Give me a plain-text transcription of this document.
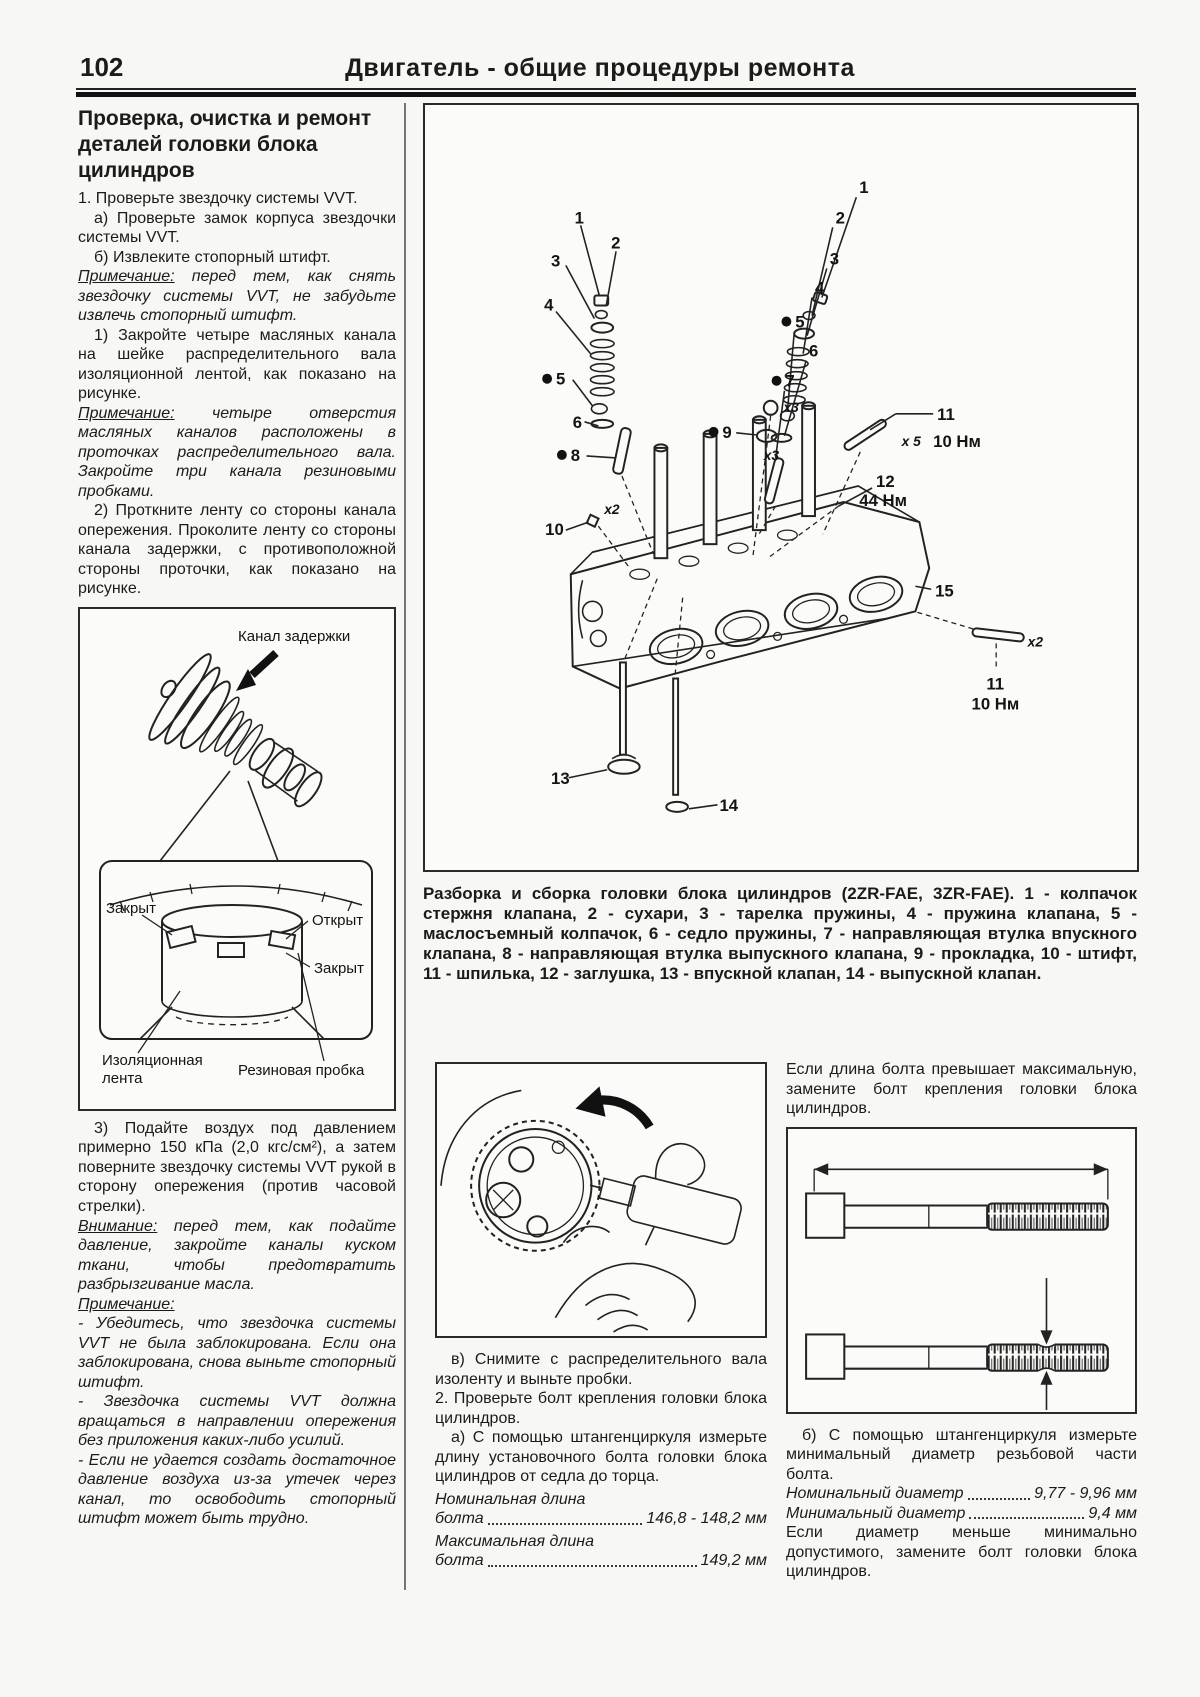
102	Двигатель - общие процедуры ремонта
Проверка, очистка и ремонт деталей головки блока цилиндров

1. Проверьте звездочку системы VVT.

а) Проверьте замок корпуса звездочки системы VVT.

б) Извлеките стопорный штифт.

Примечание: перед тем, как снять звездочку системы VVT, не забудьте извлечь стопорный штифт.

1) Закройте четыре масляных канала на шейке распределительного вала изоляционной лентой, как показано на рисунке.

Примечание: четыре отверстия масляных каналов расположены в проточках распределительного вала. Закройте три канала резиновыми пробками.

2) Проткните ленту со стороны канала опережения. Проколите ленту со стороны канала задержки, с противоположной стороны проточки, как показано на рисунке.

Канал задержки
Закрыт
Открыт
Закрыт
Изоляционная
лента	Резиновая пробка

3) Подайте воздух под давлением примерно 150 кПа (2,0 кгс/см²), а затем поверните звездочку системы VVT рукой в сторону опережения (против часовой стрелки).

Внимание: перед тем, как подайте давление, закройте каналы куском ткани, чтобы предотвратить разбрызгивание масла.

Примечание:

- Убедитесь, что звездочка системы VVT не была заблокирована. Если она заблокирована, снова выньте стопорный штифт.

- Звездочка системы VVT должна вращаться в направлении опережения без приложения каких-либо усилий.

- Если не удается создать достаточное давление воздуха из-за утечек через канал, то освободить стопорный штифт может быть трудно.

1
2
3
4
5
6
8
10
x2
1
2
3
4
5
6
7
9
x3
x3
11
x 5 10 Нм
12
44 Нм
15
x2
11
10 Нм
13
14
Разборка и сборка головки блока цилиндров (2ZR-FAE, 3ZR-FAE). 1 - колпачок стержня клапана, 2 - сухари, 3 - тарелка пружины, 4 - пружина клапана, 5 - маслосъемный колпачок, 6 - седло пружины, 7 - направляющая втулка впускного клапана, 8 - направляющая втулка выпускного клапана, 9 - прокладка, 10 - штифт, 11 - шпилька, 12 - заглушка, 13 - впускной клапан, 14 - выпускной клапан.

в) Снимите с распределительного вала изоленту и выньте пробки.

2. Проверьте болт крепления головки блока цилиндров.

а) С помощью штангенциркуля измерьте длину установочного болта головки блока цилиндров от седла до торца.

Номинальная длина
болта	146,8 - 148,2 мм
Максимальная длина
болта	149,2 мм

Если длина болта превышает максимальную, замените болт крепления головки блока цилиндров.

б) С помощью штангенциркуля измерьте минимальный диаметр резьбовой части болта.

Номинальный диаметр	9,77 - 9,96 мм
Минимальный диаметр	9,4 мм

Если диаметр меньше минимально допустимого, замените болт головки блока цилиндров.
